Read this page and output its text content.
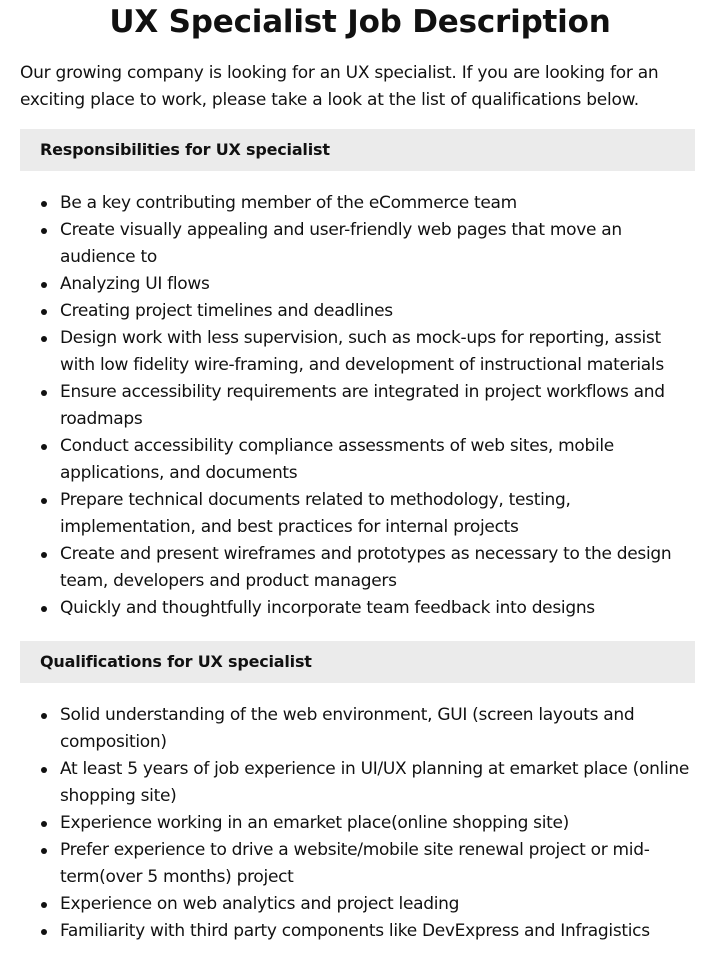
UX Specialist Job Description

Our growing company is looking for an UX specialist. If you are looking for an exciting place to work, please take a look at the list of qualifications below.

Responsibilities for UX specialist
Be a key contributing member of the eCommerce team
Create visually appealing and user-friendly web pages that move an audience to
Analyzing UI flows
Creating project timelines and deadlines
Design work with less supervision, such as mock-ups for reporting, assist with low fidelity wire-framing, and development of instructional materials
Ensure accessibility requirements are integrated in project workflows and roadmaps
Conduct accessibility compliance assessments of web sites, mobile applications, and documents
Prepare technical documents related to methodology, testing, implementation, and best practices for internal projects
Create and present wireframes and prototypes as necessary to the design team, developers and product managers
Quickly and thoughtfully incorporate team feedback into designs
Qualifications for UX specialist
Solid understanding of the web environment, GUI (screen layouts and composition)
At least 5 years of job experience in UI/UX planning at emarket place (online shopping site)
Experience working in an emarket place(online shopping site)
Prefer experience to drive a website/mobile site renewal project or mid-term(over 5 months) project
Experience on web analytics and project leading
Familiarity with third party components like DevExpress and Infragistics
